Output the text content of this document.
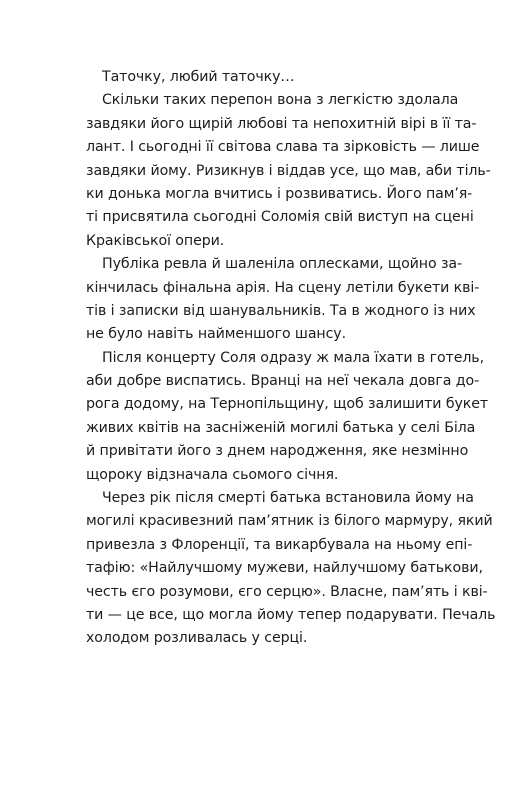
Таточку, любий таточку…
Скільки таких перепон вона з легкістю здолала
завдяки його щирій любові та непохитній вірі в її та-
лант. І сьогодні її світова слава та зірковість — лише
завдяки йому. Ризикнув і віддав усе, що мав, аби тіль-
ки донька могла вчитись і розвиватись. Його пам’я-
ті присвятила сьогодні Соломія свій виступ на сцені
Краківської опери.
Публіка ревла й шаленіла оплесками, щойно за-
кінчилась фінальна арія. На сцену летіли букети кві-
тів і записки від шанувальників. Та в жодного із них
не було навіть найменшого шансу.
Після концерту Соля одразу ж мала їхати в готель,
аби добре виспатись. Вранці на неї чекала довга до-
рога додому, на Тернопільщину, щоб залишити букет
живих квітів на засніженій могилі батька у селі Біла
й привітати його з днем народження, яке незмінно
щороку відзначала сьомого січня.
Через рік після смерті батька встановила йому на
могилі красивезний пам’ятник із білого мармуру, який
привезла з Флоренції, та викарбувала на ньому епі-
тафію: «Найлучшому мужеви, найлучшому батькови,
честь єго розумови, єго серцю». Власне, пам’ять і кві-
ти — це все, що могла йому тепер подарувати. Печаль
холодом розливалась у серці.
